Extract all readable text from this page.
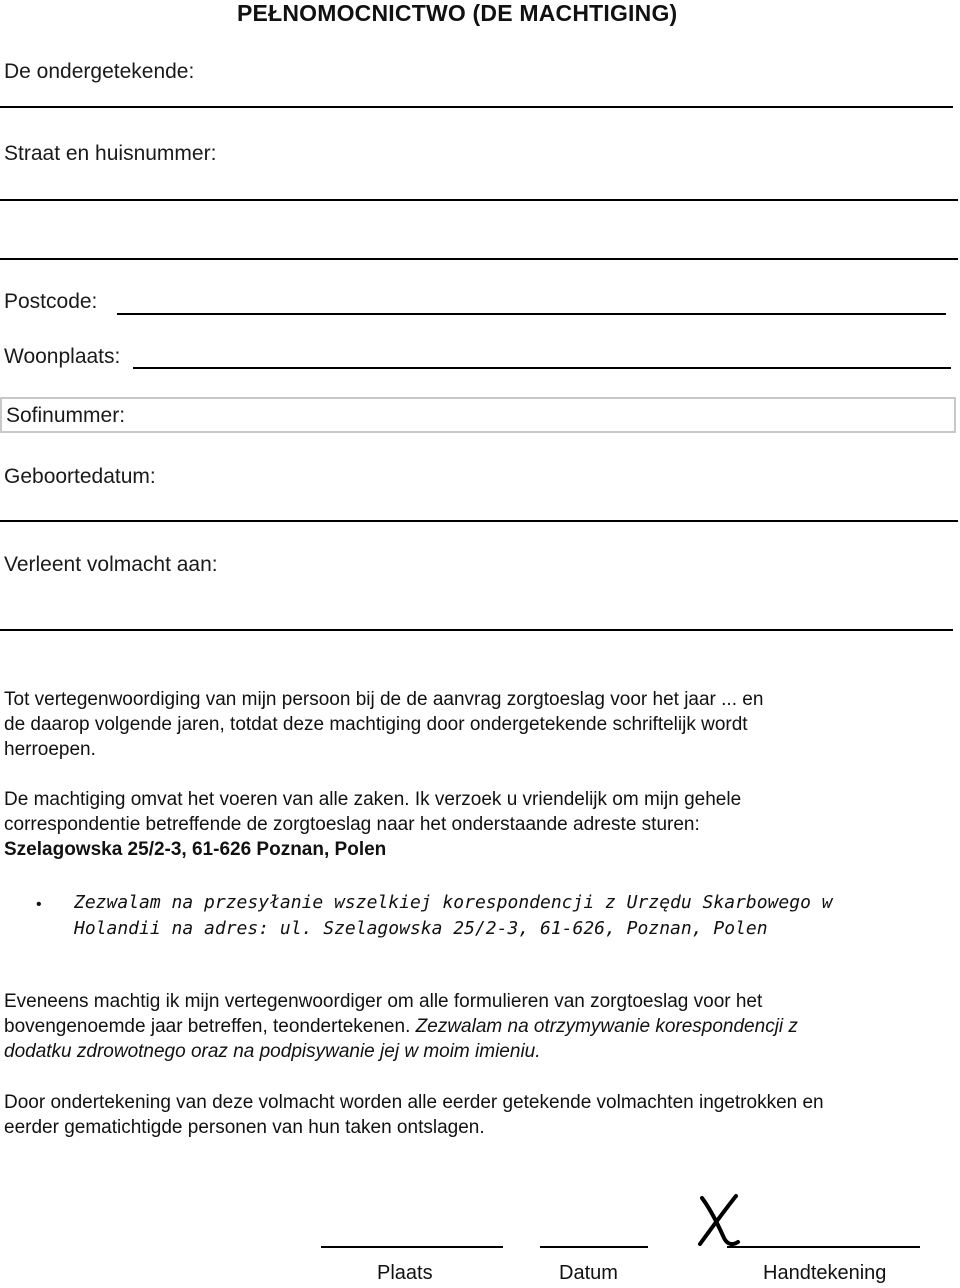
PEŁNOMOCNICTWO (DE MACHTIGING)
De ondergetekende:
Straat en huisnummer:
Postcode:
Woonplaats:
Sofinummer:
Geboortedatum:
Verleent volmacht aan:
Tot vertegenwoordiging van mijn persoon bij de de aanvrag zorgtoeslag voor het jaar ... en
de daarop volgende jaren, totdat deze machtiging door ondergetekende schriftelijk wordt
herroepen.
De machtiging omvat het voeren van alle zaken. Ik verzoek u vriendelijk om mijn gehele
correspondentie betreffende de zorgtoeslag naar het onderstaande adreste sturen:
Szelagowska 25/2-3, 61-626 Poznan, Polen
• Zezwalam na przesyłanie wszelkiej korespondencji z Urzędu Skarbowego w
Holandii na adres: ul. Szelagowska 25/2-3, 61-626, Poznan, Polen
Eveneens machtig ik mijn vertegenwoordiger om alle formulieren van zorgtoeslag voor het
bovengenoemde jaar betreffen, teondertekenen. Zezwalam na otrzymywanie korespondencji z
dodatku zdrowotnego oraz na podpisywanie jej w moim imieniu.
Door ondertekening van deze volmacht worden alle eerder getekende volmachten ingetrokken en
eerder gematichtigde personen van hun taken ontslagen.
Plaats	Datum	Handtekening
